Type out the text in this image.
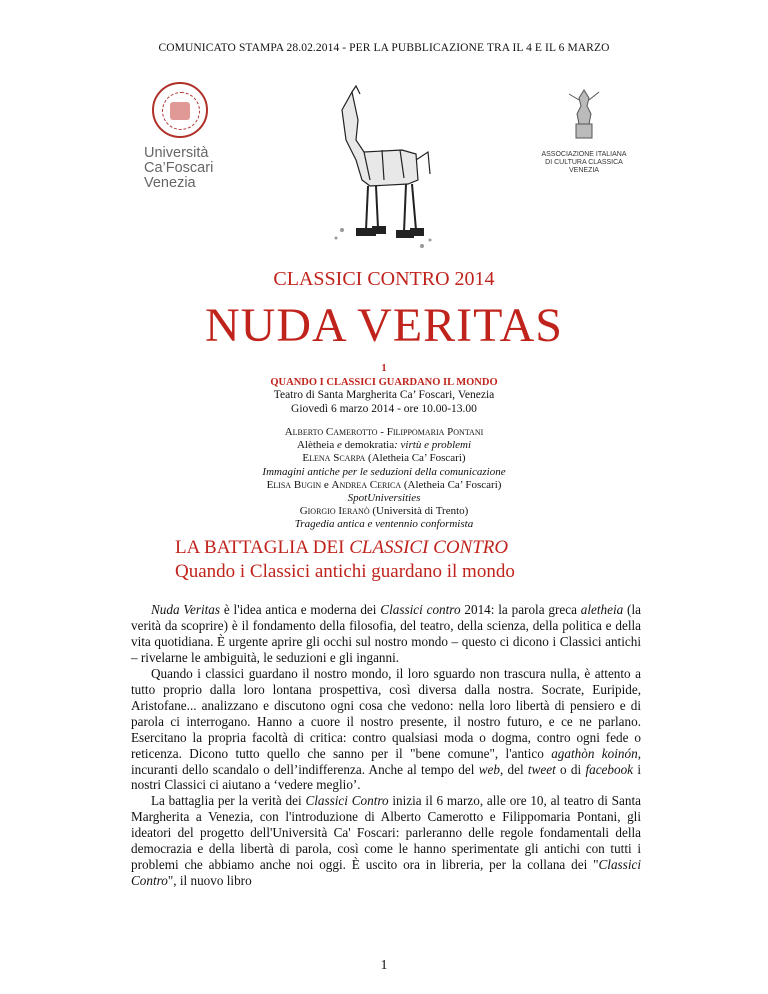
COMUNICATO STAMPA 28.02.2014 - PER LA PUBBLICAZIONE TRA IL 4 E IL 6 MARZO
Università
Ca’Foscari
Venezia
ASSOCIAZIONE ITALIANA
DI CULTURA CLASSICA
VENEZIA
CLASSICI CONTRO 2014
NUDA VERITAS
1
QUANDO I CLASSICI GUARDANO IL MONDO
Teatro di Santa Margherita Ca’ Foscari, Venezia
Giovedì 6 marzo 2014 - ore 10.00-13.00
Alberto Camerotto - Filippomaria Pontani
Alètheia e demokratia: virtù e problemi
Elena Scarpa (Aletheia Ca’ Foscari)
Immagini antiche per le seduzioni della comunicazione
Elisa Bugin e Andrea Cerica (Aletheia Ca’ Foscari)
SpotUniversities
Giorgio Ieranò (Università di Trento)
Tragedia antica e ventennio conformista
LA BATTAGLIA DEI CLASSICI CONTRO
Quando i Classici antichi guardano il mondo

Nuda Veritas è l'idea antica e moderna dei Classici contro 2014: la parola greca aletheia (la verità da scoprire) è il fondamento della filosofia, del teatro, della scienza, della politica e della vita quotidiana. È urgente aprire gli occhi sul nostro mondo – questo ci dicono i Classici antichi – rivelarne le ambiguità, le seduzioni e gli inganni.

Quando i classici guardano il nostro mondo, il loro sguardo non trascura nulla, è attento a tutto proprio dalla loro lontana prospettiva, così diversa dalla nostra. Socrate, Euripide, Aristofane... analizzano e discutono ogni cosa che vedono: nella loro libertà di pensiero e di parola ci interrogano. Hanno a cuore il nostro presente, il nostro futuro, e ce ne parlano. Esercitano la propria facoltà di critica: contro qualsiasi moda o dogma, contro ogni fede o reticenza. Dicono tutto quello che sanno per il "bene comune", l'antico agathòn koinón, incuranti dello scandalo o dell’indifferenza. Anche al tempo del web, del tweet o di facebook i nostri Classici ci aiutano a ‘vedere meglio’.

La battaglia per la verità dei Classici Contro inizia il 6 marzo, alle ore 10, al teatro di Santa Margherita a Venezia, con l'introduzione di Alberto Camerotto e Filippomaria Pontani, gli ideatori del progetto dell'Università Ca' Foscari: parleranno delle regole fondamentali della democrazia e della libertà di parola, così come le hanno sperimentate gli antichi con tutti i problemi che abbiamo anche noi oggi. È uscito ora in libreria, per la collana dei "Classici Contro", il nuovo libro

1
